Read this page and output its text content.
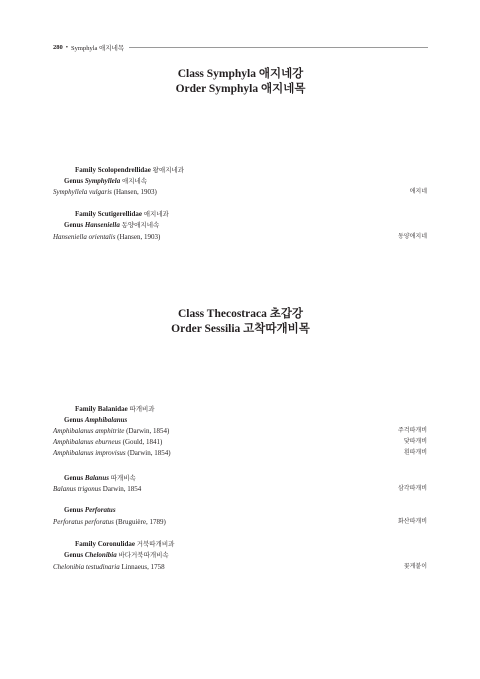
280 • Symphyla 애지네목
Class Symphyla 애지네강
Order Symphyla 애지네목
Family Scolopendrellidae 왕애지네과
Genus Symphyllela 애지네속
Symphyllela vulgaris (Hansen, 1903)	애지네
Family Scutigerellidae 애지네과
Genus Hanseniella 동양애지네속
Hanseniella orientalis (Hansen, 1903)	동양애지네
Class Thecostraca 초갑강
Order Sessilia 고착따개비목
Family Balanidae 따개비과
Genus Amphibalanus
Amphibalanus amphitrite (Darwin, 1854)	주걱따개비
Amphibalanus eburneus (Gould, 1841)	닻따개비
Amphibalanus improvisus (Darwin, 1854)	흰따개비
Genus Balanus 따개비속
Balanus trigonus Darwin, 1854	삼각따개비
Genus Perforatus
Perforatus perforatus (Bruguière, 1789)	화산따개비
Family Coronulidae 거북따개비과
Genus Chelonibia 바다거북따개비속
Chelonibia testudinaria Linnaeus, 1758	꽃게붙이
